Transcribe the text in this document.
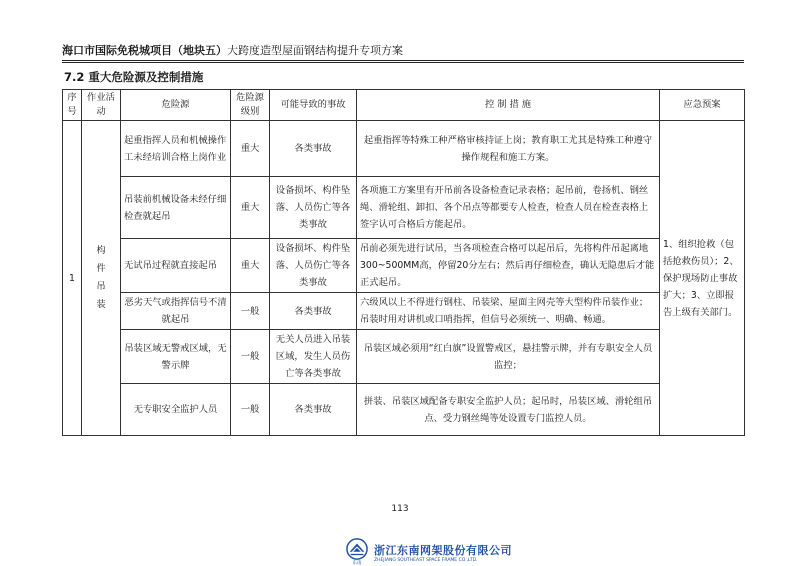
海口市国际免税城项目（地块五）大跨度造型屋面钢结构提升专项方案
7.2 重大危险源及控制措施
序号	作业活动	危险源	危险源级别	可能导致的事故	控 制 措 施	应急预案
1	构件吊装	起重指挥人员和机械操作工未经培训合格上岗作业	重大	各类事故	起重指挥等特殊工种严格审核持证上岗；教育职工尤其是特殊工种遵守操作规程和施工方案。	1、组织抢救（包括抢救伤员）；2、保护现场防止事故扩大；3、立即报告上级有关部门。
		吊装前机械设备未经仔细检查就起吊	重大	设备损坏、构件坠落、人员伤亡等各类事故	各项施工方案里有开吊前各设备检查记录表格；起吊前，卷扬机、钢丝绳、滑轮组、卸扣、各个吊点等都要专人检查，检查人员在检查表格上签字认可合格后方能起吊。	
		无试吊过程就直接起吊	重大	设备损坏、构件坠落、人员伤亡等各类事故	吊前必须先进行试吊，当各项检查合格可以起吊后，先将构件吊起离地300~500MM高，停留20分左右；然后再仔细检查，确认无隐患后才能正式起吊。	
		恶劣天气或指挥信号不清就起吊	一般	各类事故	六级风以上不得进行钢柱、吊装梁、屋面主网壳等大型构件吊装作业；吊装时用对讲机或口哨指挥，但信号必须统一、明确、畅通。	
		吊装区域无警戒区域，无警示牌	一般	无关人员进入吊装区域，发生人员伤亡等各类事故	吊装区域必须用“红白旗”设置警戒区，悬挂警示牌，并有专职安全人员监控；	
		无专职安全监护人员	一般	各类事故	拼装、吊装区域配备专职安全监护人员；起吊时，吊装区域、滑轮组吊点、受力钢丝绳等处设置专门监控人员。	
113
东南
浙江东南网架股份有限公司
ZHEJIANG SOUTHEAST SPACE FRAME CO.,LTD.
